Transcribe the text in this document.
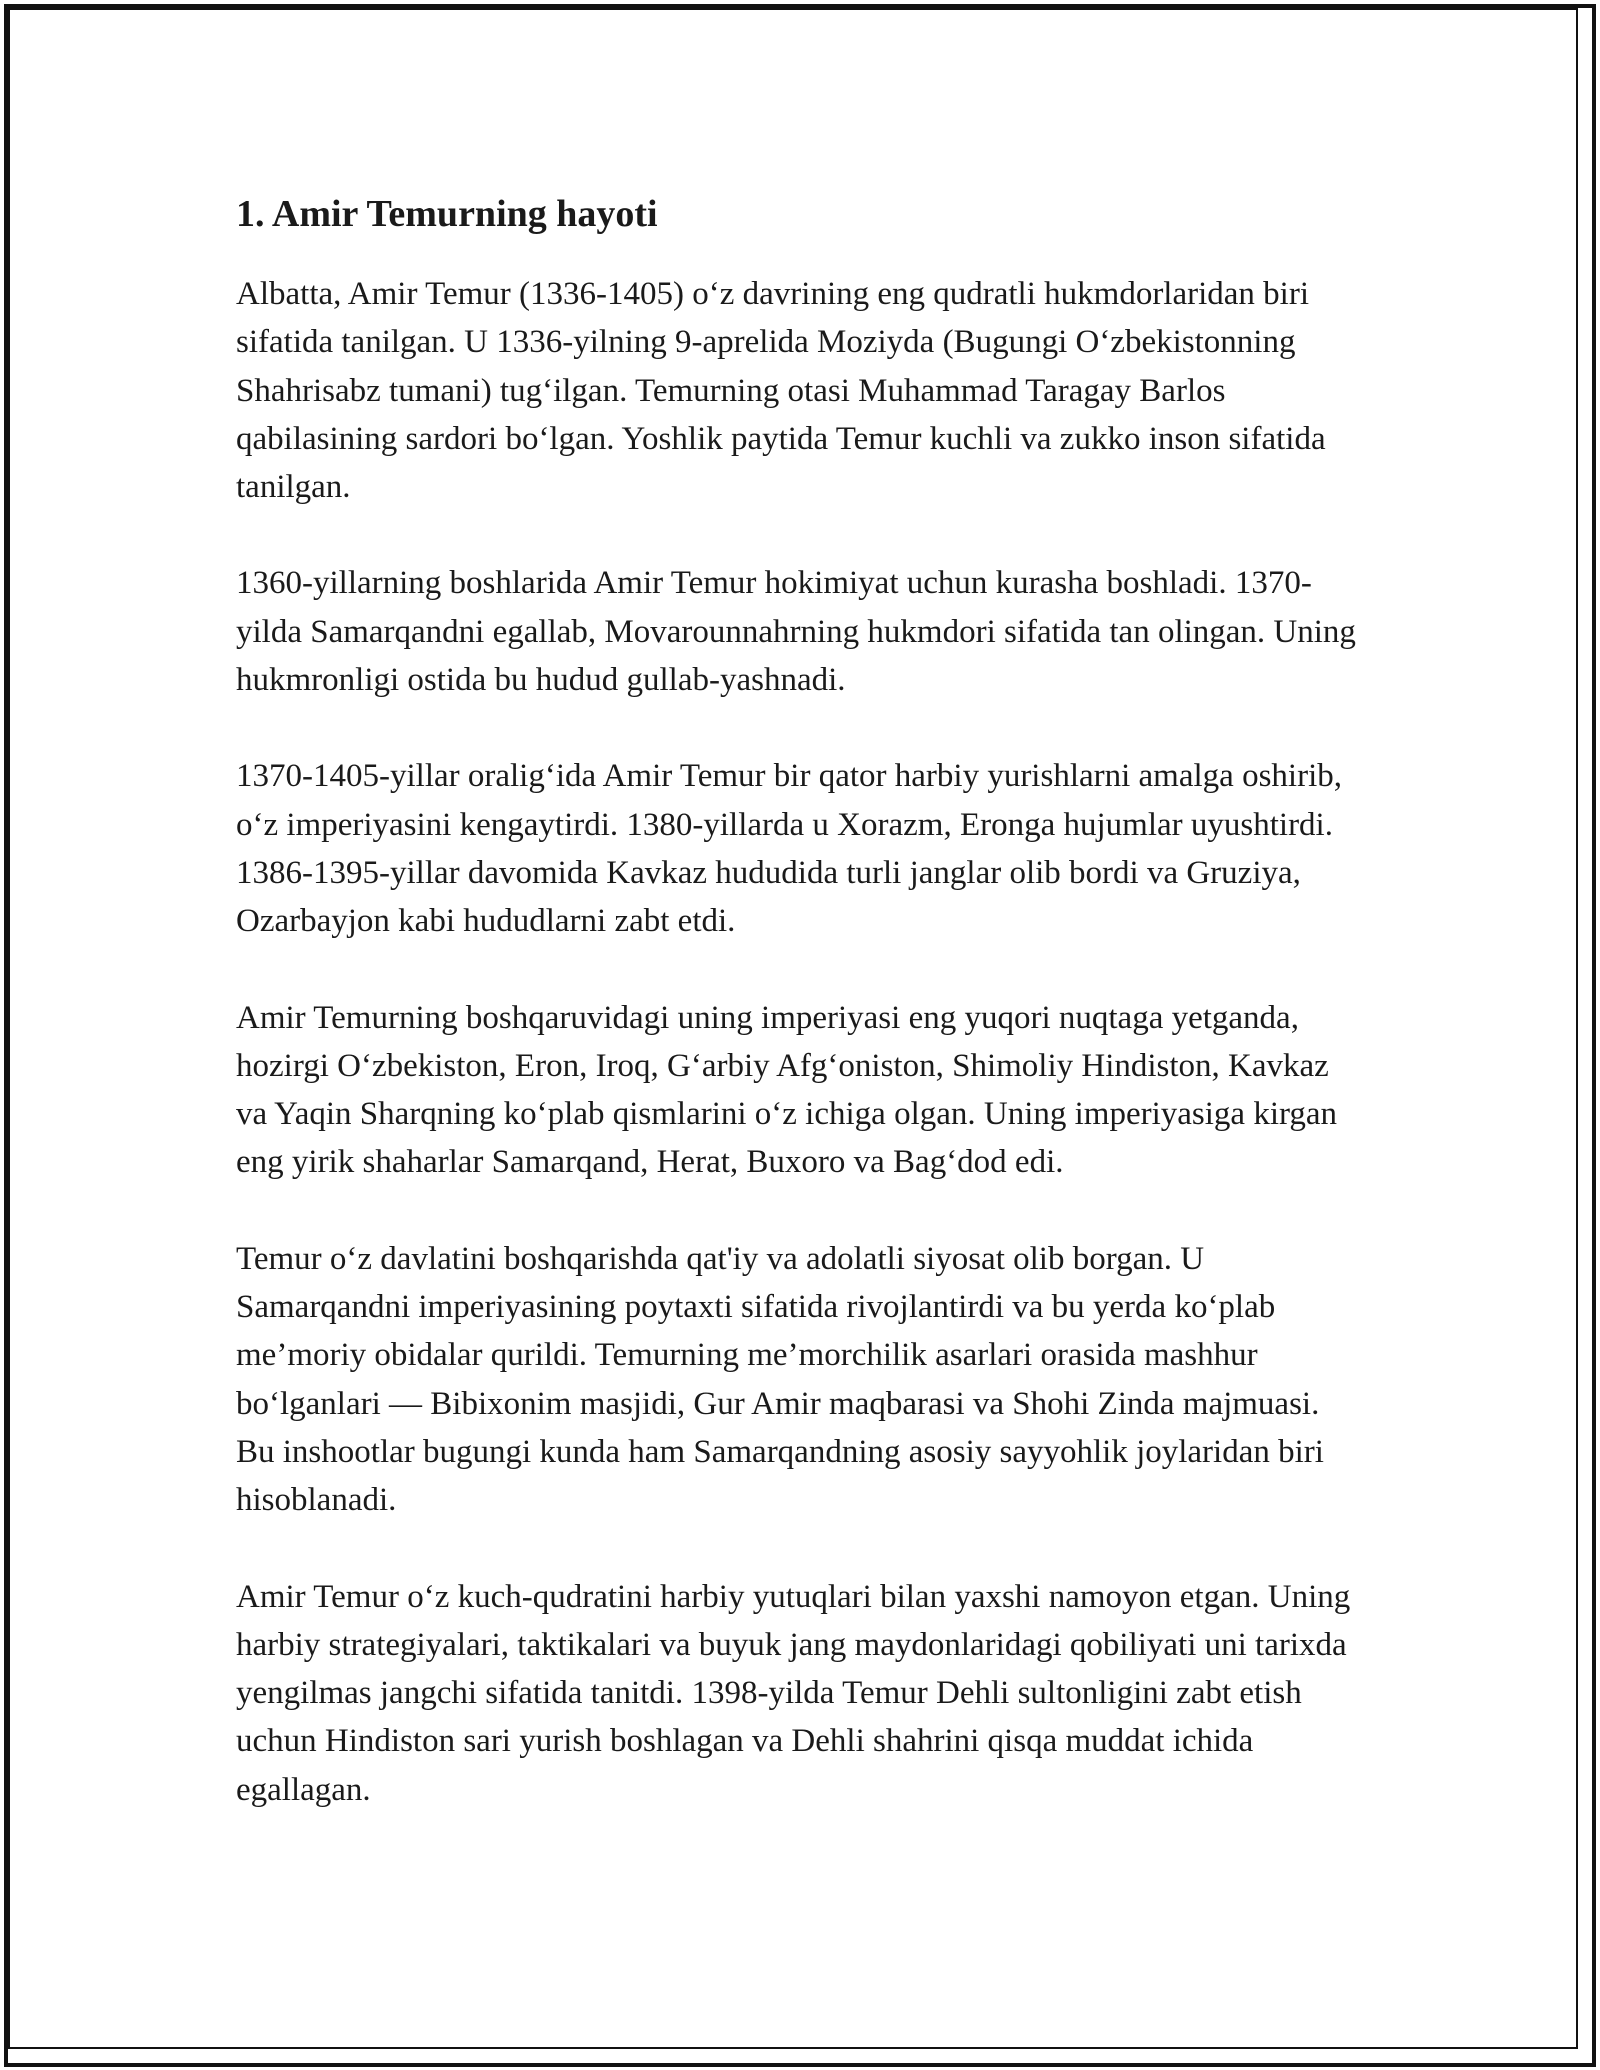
1. Amir Temurning hayoti

Albatta, Amir Temur (1336-1405) o‘z davrining eng qudratli hukmdorlaridan biri sifatida tanilgan. U 1336-yilning 9-aprelida Moziyda (Bugungi O‘zbekistonning Shahrisabz tumani) tug‘ilgan. Temurning otasi Muhammad Taragay Barlos qabilasining sardori bo‘lgan. Yoshlik paytida Temur kuchli va zukko inson sifatida tanilgan.

1360-yillarning boshlarida Amir Temur hokimiyat uchun kurasha boshladi. 1370-yilda Samarqandni egallab, Movarounnahrning hukmdori sifatida tan olingan. Uning hukmronligi ostida bu hudud gullab-yashnadi.

1370-1405-yillar oralig‘ida Amir Temur bir qator harbiy yurishlarni amalga oshirib, o‘z imperiyasini kengaytirdi. 1380-yillarda u Xorazm, Eronga hujumlar uyushtirdi. 1386-1395-yillar davomida Kavkaz hududida turli janglar olib bordi va Gruziya, Ozarbayjon kabi hududlarni zabt etdi.

Amir Temurning boshqaruvidagi uning imperiyasi eng yuqori nuqtaga yetganda, hozirgi O‘zbekiston, Eron, Iroq, G‘arbiy Afg‘oniston, Shimoliy Hindiston, Kavkaz va Yaqin Sharqning ko‘plab qismlarini o‘z ichiga olgan. Uning imperiyasiga kirgan eng yirik shaharlar Samarqand, Herat, Buxoro va Bag‘dod edi.

Temur o‘z davlatini boshqarishda qat'iy va adolatli siyosat olib borgan. U Samarqandni imperiyasining poytaxti sifatida rivojlantirdi va bu yerda ko‘plab me’moriy obidalar qurildi. Temurning me’morchilik asarlari orasida mashhur bo‘lganlari — Bibixonim masjidi, Gur Amir maqbarasi va Shohi Zinda majmuasi. Bu inshootlar bugungi kunda ham Samarqandning asosiy sayyohlik joylaridan biri hisoblanadi.

Amir Temur o‘z kuch-qudratini harbiy yutuqlari bilan yaxshi namoyon etgan. Uning harbiy strategiyalari, taktikalari va buyuk jang maydonlaridagi qobiliyati uni tarixda yengilmas jangchi sifatida tanitdi. 1398-yilda Temur Dehli sultonligini zabt etish uchun Hindiston sari yurish boshlagan va Dehli shahrini qisqa muddat ichida egallagan.
